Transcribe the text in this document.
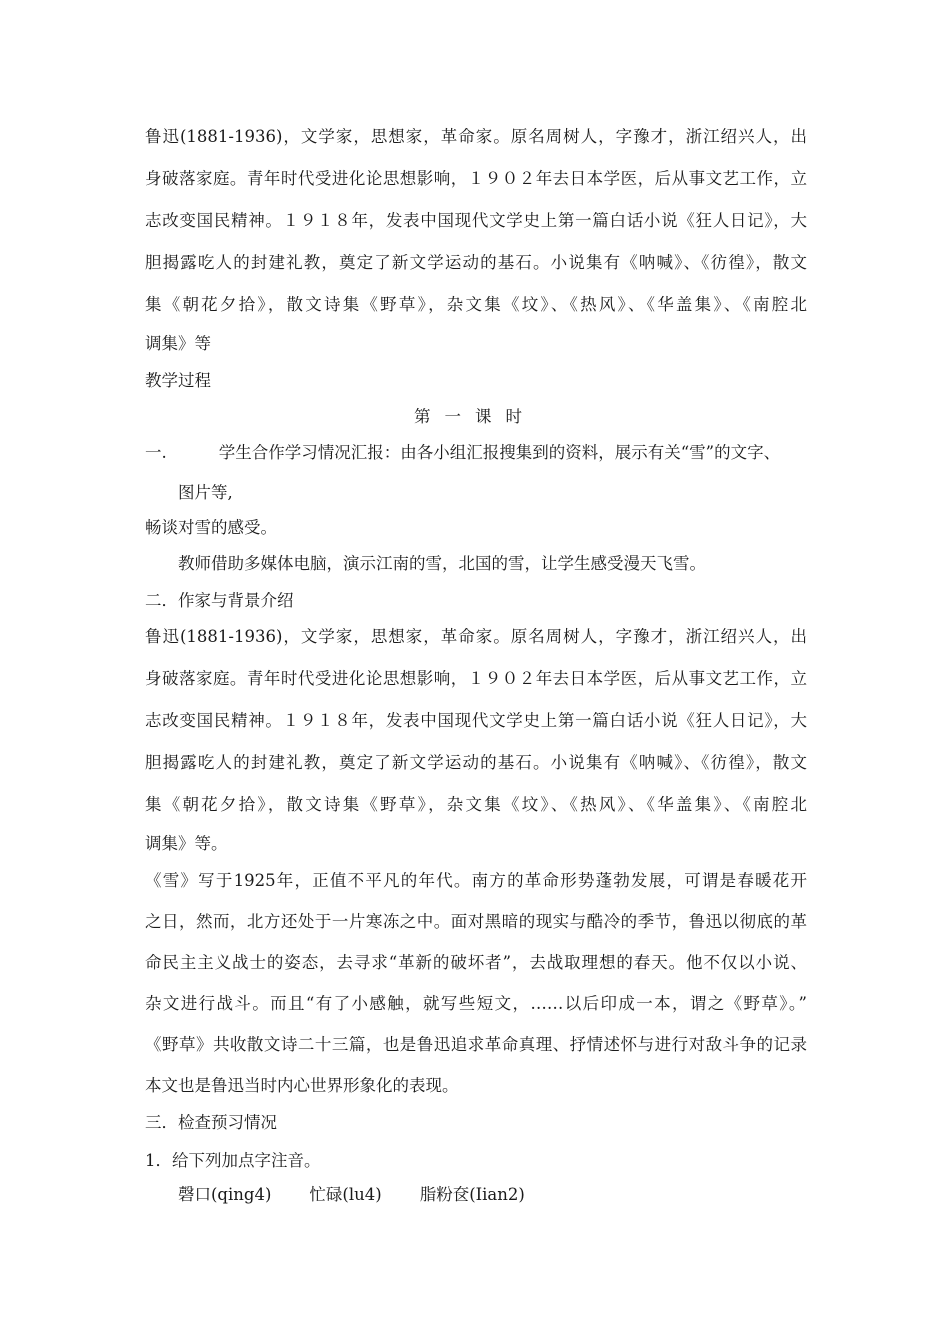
鲁迅(1881-1936)，文学家，思想家，革命家。原名周树人，字豫才，浙江绍兴人，出
身破落家庭。青年时代受进化论思想影响，１９０２年去日本学医，后从事文艺工作，立
志改变国民精神。１９１８年，发表中国现代文学史上第一篇白话小说《狂人日记》，大
胆揭露吃人的封建礼教，奠定了新文学运动的基石。小说集有《呐喊》、《彷徨》，散文
集《朝花夕拾》，散文诗集《野草》，杂文集《坟》、《热风》、《华盖集》、《南腔北
调集》等
教学过程
第一课时
一.	学生合作学习情况汇报：由各小组汇报搜集到的资料，展示有关“雪”的文字、
图片等,
畅谈对雪的感受。
教师借助多媒体电脑，演示江南的雪，北国的雪，让学生感受漫天飞雪。
二．作家与背景介绍
鲁迅(1881-1936)，文学家，思想家，革命家。原名周树人，字豫才，浙江绍兴人，出
身破落家庭。青年时代受进化论思想影响，１９０２年去日本学医，后从事文艺工作，立
志改变国民精神。１９１８年，发表中国现代文学史上第一篇白话小说《狂人日记》，大
胆揭露吃人的封建礼教，奠定了新文学运动的基石。小说集有《呐喊》、《彷徨》，散文
集《朝花夕拾》，散文诗集《野草》，杂文集《坟》、《热风》、《华盖集》、《南腔北
调集》等。
《雪》写于1925年，正值不平凡的年代。南方的革命形势蓬勃发展，可谓是春暖花开
之日，然而，北方还处于一片寒冻之中。面对黑暗的现实与酷冷的季节，鲁迅以彻底的革
命民主主义战士的姿态，去寻求“革新的破坏者”，去战取理想的春天。他不仅以小说、
杂文进行战斗。而且“有了小感触，就写些短文，……以后印成一本，谓之《野草》。”
《野草》共收散文诗二十三篇，也是鲁迅追求革命真理、抒情述怀与进行对敌斗争的记录
本文也是鲁迅当时内心世界形象化的表现。
三．检查预习情况
1．给下列加点字注音。
磬口(qing4) 忙碌(lu4) 脂粉奁(Iian2)
